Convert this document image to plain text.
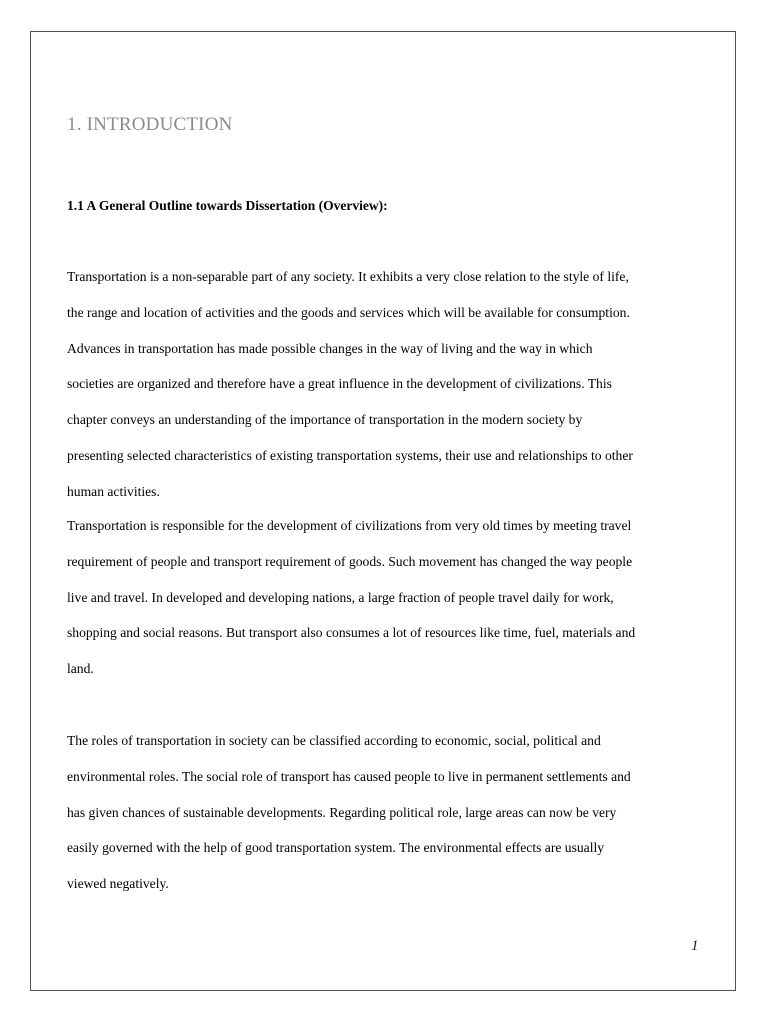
1. INTRODUCTION
1.1 A General Outline towards Dissertation (Overview):

Transportation is a non-separable part of any society. It exhibits a very close relation to the style of life,
the range and location of activities and the goods and services which will be available for consumption.
Advances in transportation has made possible changes in the way of living and the way in which
societies are organized and therefore have a great influence in the development of civilizations. This
chapter conveys an understanding of the importance of transportation in the modern society by
presenting selected characteristics of existing transportation systems, their use and relationships to other
human activities.

Transportation is responsible for the development of civilizations from very old times by meeting travel
requirement of people and transport requirement of goods. Such movement has changed the way people
live and travel. In developed and developing nations, a large fraction of people travel daily for work,
shopping and social reasons. But transport also consumes a lot of resources like time, fuel, materials and
land.

The roles of transportation in society can be classified according to economic, social, political and
environmental roles. The social role of transport has caused people to live in permanent settlements and
has given chances of sustainable developments. Regarding political role, large areas can now be very
easily governed with the help of good transportation system. The environmental effects are usually
viewed negatively.

1
